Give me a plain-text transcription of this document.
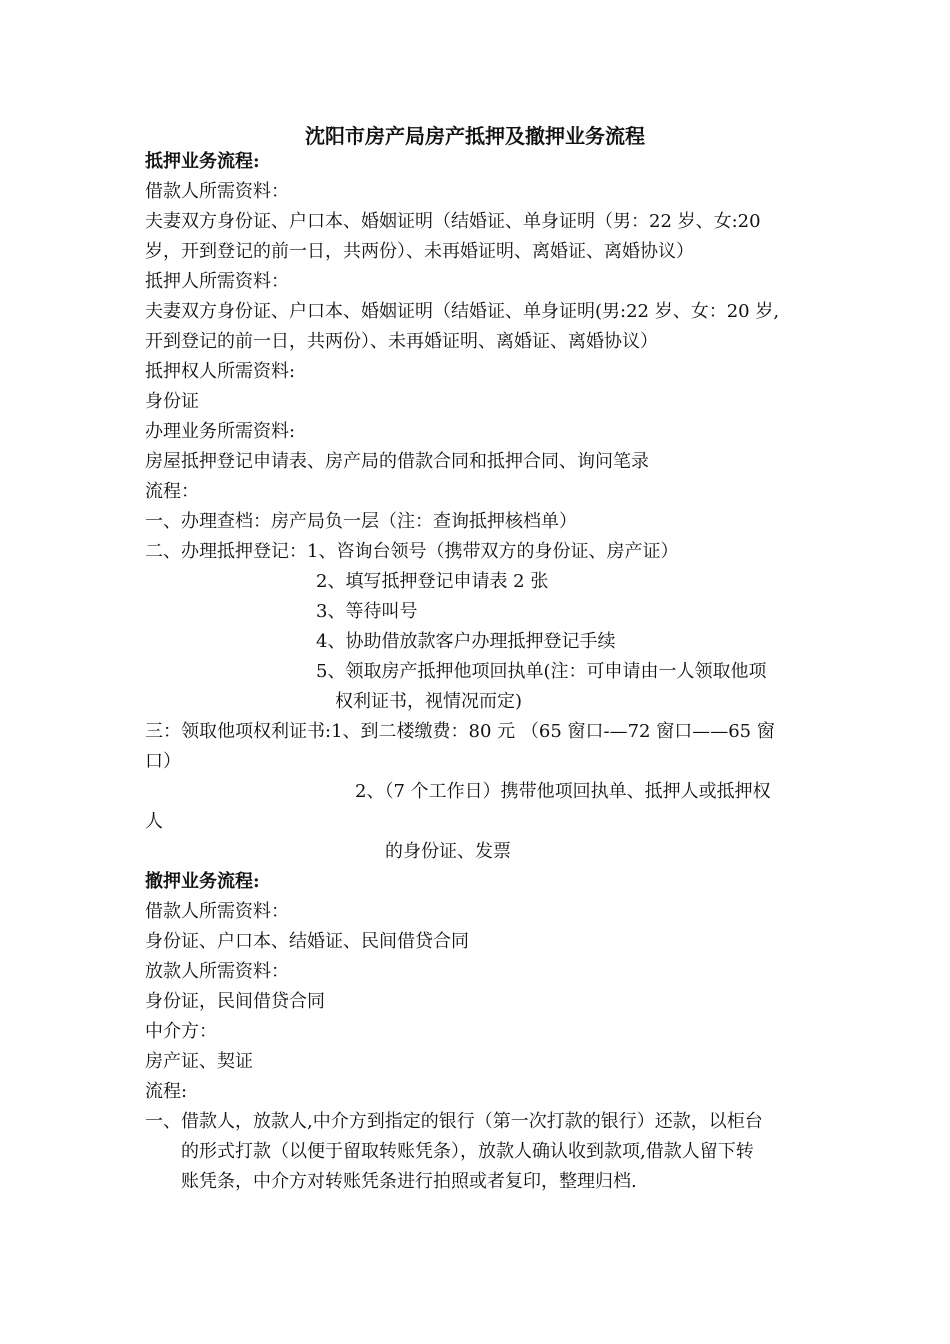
沈阳市房产局房产抵押及撤押业务流程
抵押业务流程:
借款人所需资料：
夫妻双方身份证、户口本、婚姻证明（结婚证、单身证明（男：22 岁、女:20
岁，开到登记的前一日，共两份）、未再婚证明、离婚证、离婚协议）
抵押人所需资料：
夫妻双方身份证、户口本、婚姻证明（结婚证、单身证明(男:22 岁、女：20 岁,
开到登记的前一日，共两份）、未再婚证明、离婚证、离婚协议）
抵押权人所需资料:
身份证
办理业务所需资料:
房屋抵押登记申请表、房产局的借款合同和抵押合同、询问笔录
流程：
一、办理查档：房产局负一层（注：查询抵押核档单）
二、办理抵押登记：1、咨询台领号（携带双方的身份证、房产证）
2、填写抵押登记申请表 2 张
3、等待叫号
4、协助借放款客户办理抵押登记手续
5、领取房产抵押他项回执单(注：可申请由一人领取他项
权利证书，视情况而定)
三：领取他项权利证书:1、到二楼缴费：80 元 （65 窗口-—72 窗口——65 窗
口）
2、（7 个工作日）携带他项回执单、抵押人或抵押权
人
的身份证、发票
撤押业务流程:
借款人所需资料：
身份证、户口本、结婚证、民间借贷合同
放款人所需资料：
身份证，民间借贷合同
中介方：
房产证、契证
流程:
一、借款人，放款人,中介方到指定的银行（第一次打款的银行）还款，以柜台
的形式打款（以便于留取转账凭条），放款人确认收到款项,借款人留下转
账凭条，中介方对转账凭条进行拍照或者复印，整理归档.
